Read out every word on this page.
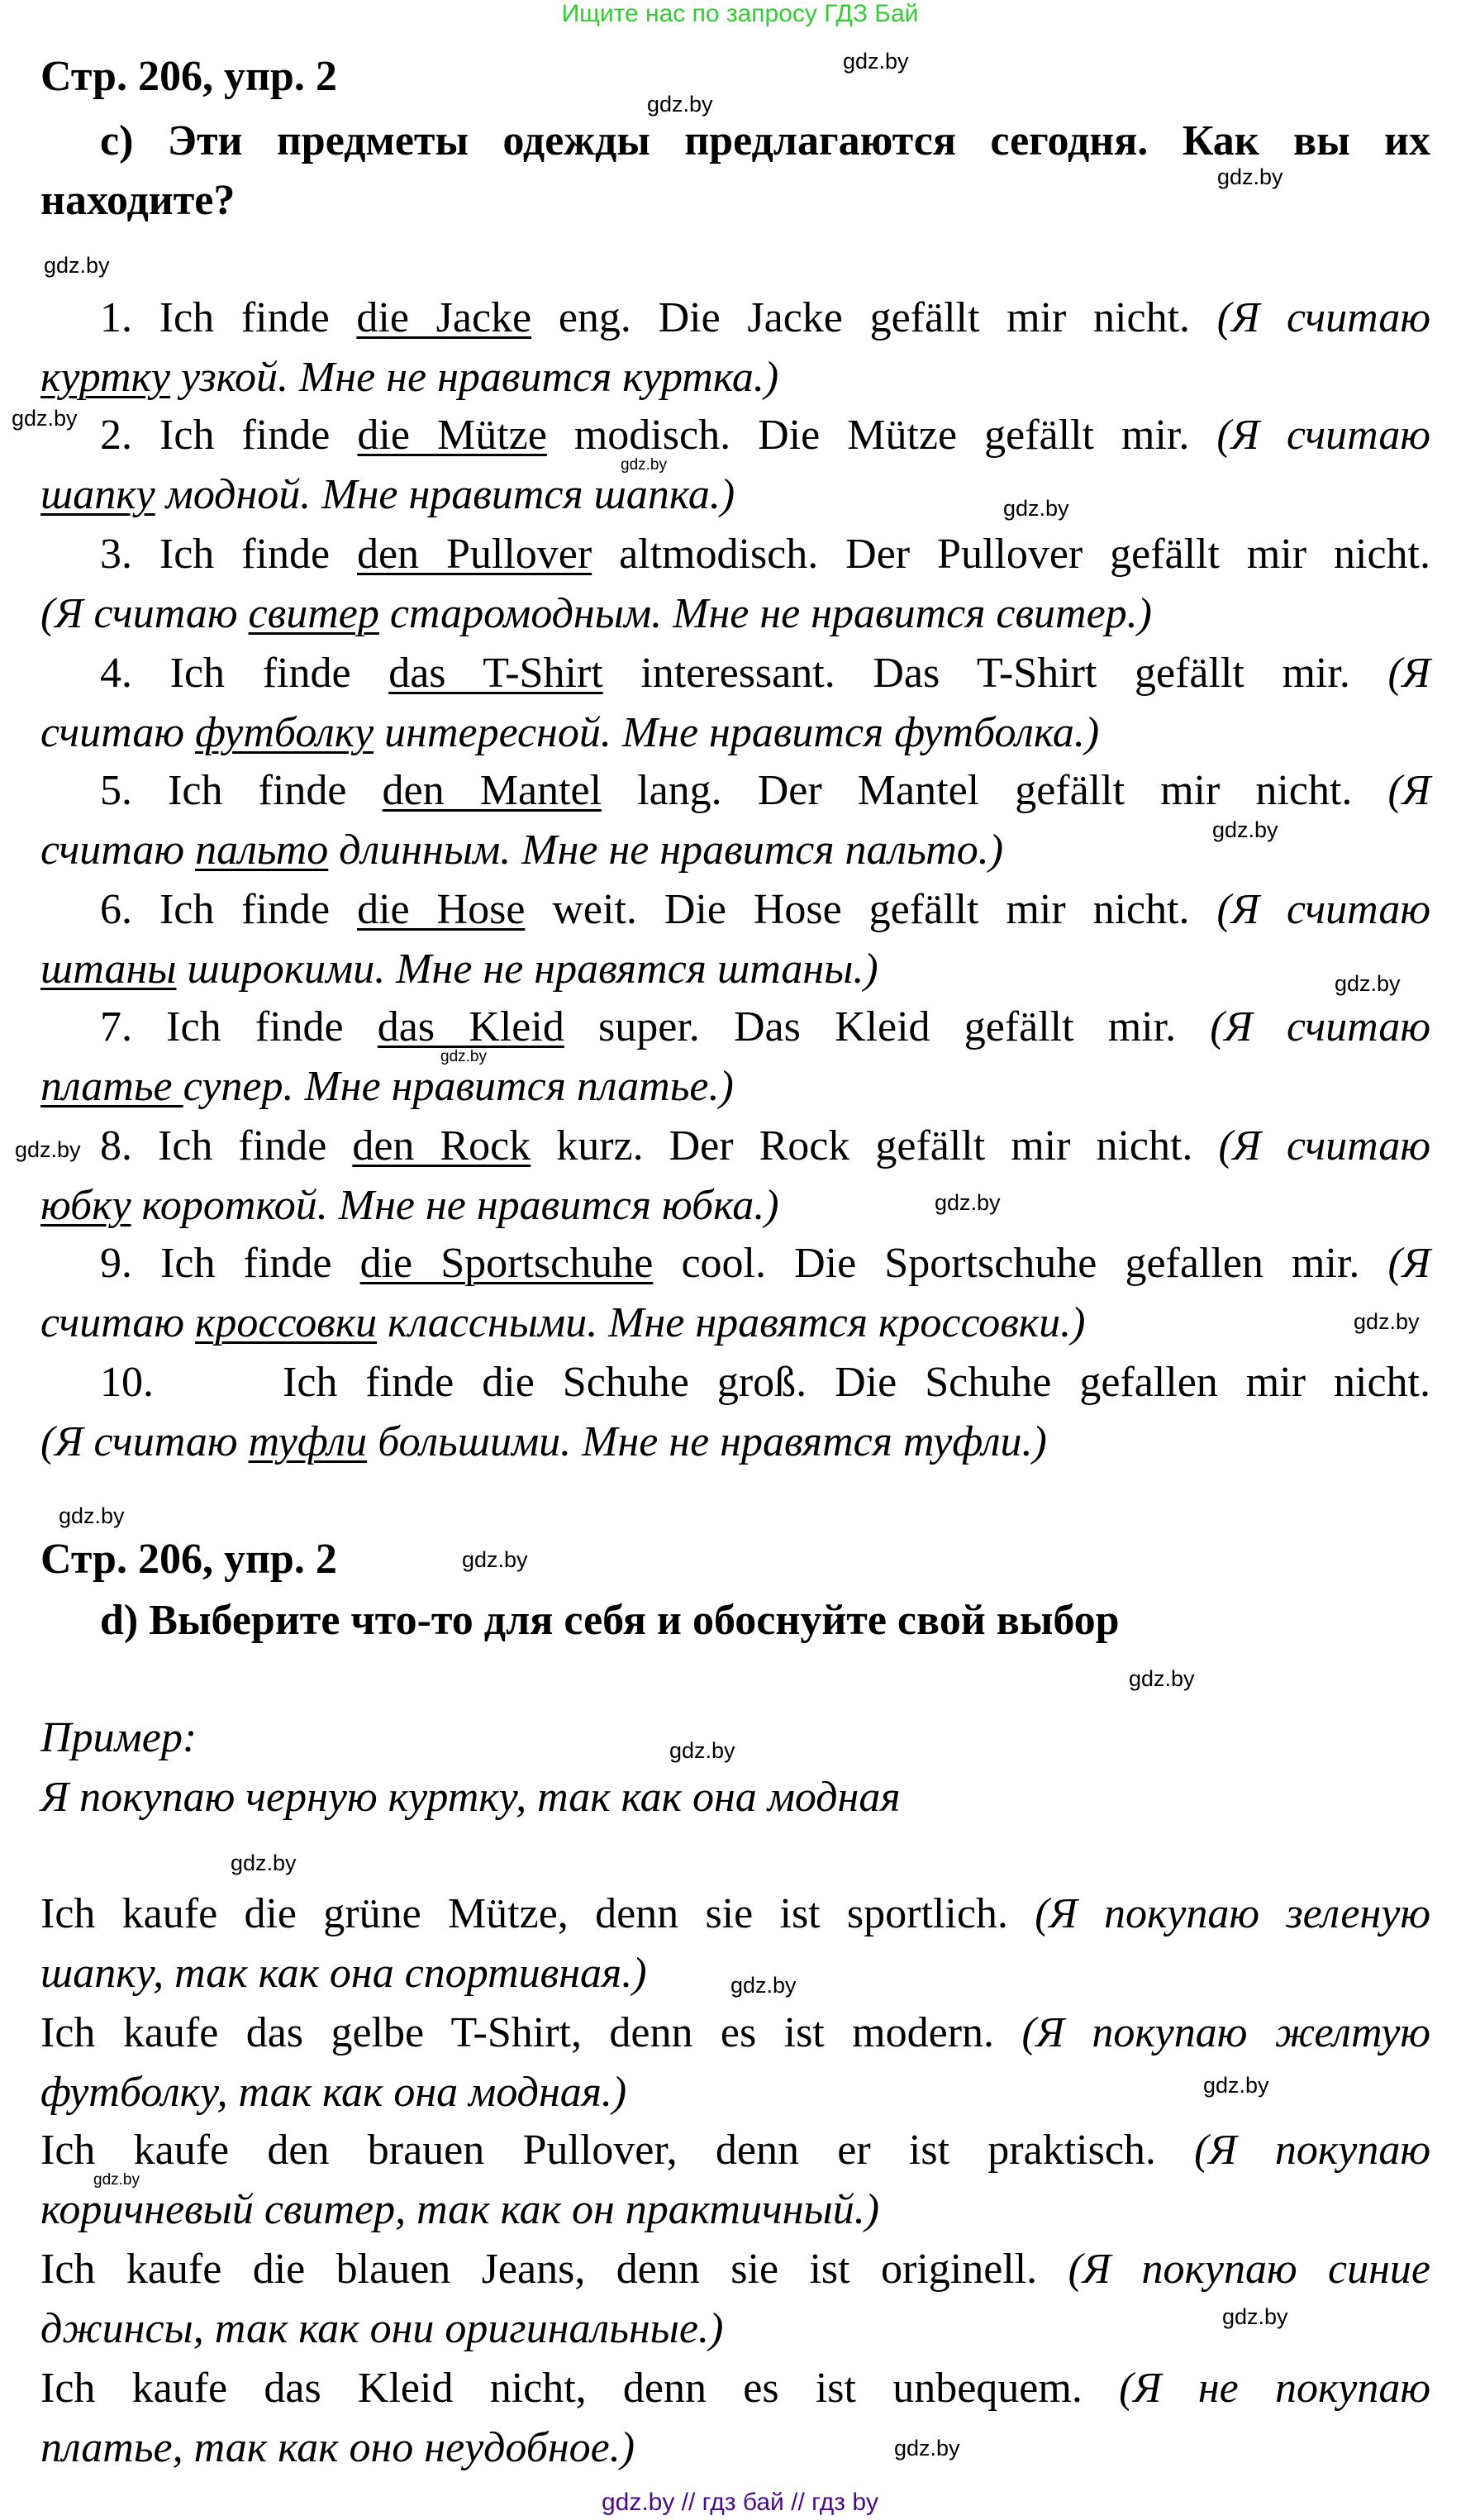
Ищите нас по запросу ГДЗ Бай
Стр. 206, упр. 2
c) Эти предметы одежды предлагаются сегодня. Как вы их
находите?
1. Ich finde die Jacke eng. Die Jacke gefällt mir nicht. (Я считаю
куртку узкой. Мне не нравится куртка.)
2. Ich finde die Mütze modisch. Die Mütze gefällt mir. (Я считаю
шапку модной. Мне нравится шапка.)
3. Ich finde den Pullover altmodisch. Der Pullover gefällt mir nicht.
(Я считаю свитер старомодным. Мне не нравится свитер.)
4. Ich finde das T-Shirt interessant. Das T-Shirt gefällt mir. (Я
считаю футболку интересной. Мне нравится футболка.)
5. Ich finde den Mantel lang. Der Mantel gefällt mir nicht. (Я
считаю пальто длинным. Мне не нравится пальто.)
6. Ich finde die Hose weit. Die Hose gefällt mir nicht. (Я считаю
штаны широкими. Мне не нравятся штаны.)
7. Ich finde das Kleid super. Das Kleid gefällt mir. (Я считаю
платье супер. Мне нравится платье.)
8. Ich finde den Rock kurz. Der Rock gefällt mir nicht. (Я считаю
юбку короткой. Мне не нравится юбка.)
9. Ich finde die Sportschuhe cool. Die Sportschuhe gefallen mir. (Я
считаю кроссовки классными. Мне нравятся кроссовки.)
10.	Ich finde die Schuhe groß. Die Schuhe gefallen mir nicht.
(Я считаю туфли большими. Мне не нравятся туфли.)
Стр. 206, упр. 2
d) Выберите что-то для себя и обоснуйте свой выбор
Пример:
Я покупаю черную куртку, так как она модная
Ich kaufe die grüne Mütze, denn sie ist sportlich. (Я покупаю зеленую
шапку, так как она спортивная.)
Ich kaufe das gelbe T-Shirt, denn es ist modern. (Я покупаю желтую
футболку, так как она модная.)
Ich kaufe den brauen Pullover, denn er ist praktisch. (Я покупаю
коричневый свитер, так как он практичный.)
Ich kaufe die blauen Jeans, denn sie ist originell. (Я покупаю синие
джинсы, так как они оригинальные.)
Ich kaufe das Kleid nicht, denn es ist unbequem. (Я не покупаю
платье, так как оно неудобное.)
gdz.by
gdz.by
gdz.by
gdz.by
gdz.by
gdz.by
gdz.by
gdz.by
gdz.by
gdz.by
gdz.by
gdz.by
gdz.by
gdz.by
gdz.by
gdz.by
gdz.by
gdz.by
gdz.by
gdz.by
gdz.by
gdz.by
gdz.by
gdz.by // гдз бай // гдз by
